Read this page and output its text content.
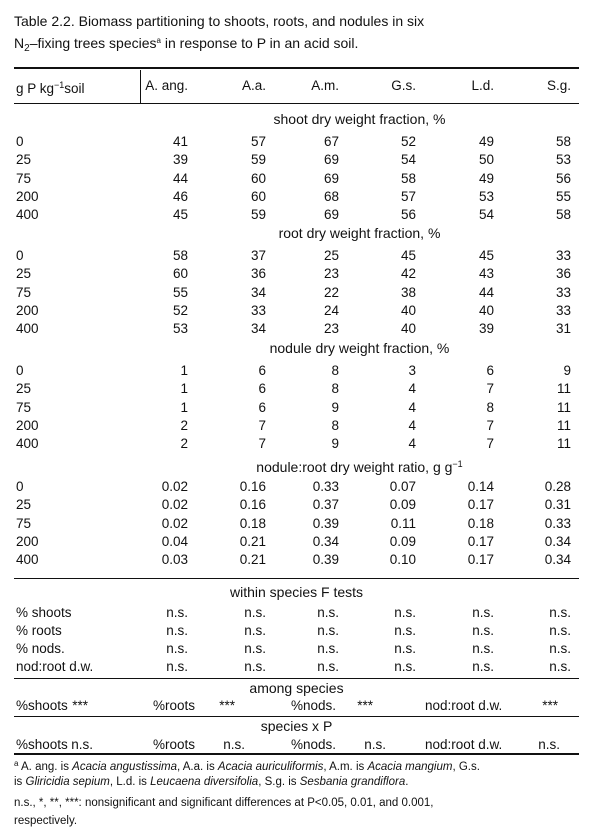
Table 2.2. Biomass partitioning to shoots, roots, and nodules in six
$N_2$–fixing trees species$^a$ in response to P in an acid soil.
g P $kg^{-1}soil$	A. ang.	A.a.	A.m.	G.s.	L.d.	S.g.
shoot dry weight fraction, %
0	41	57	67	52	49	58
25	39	59	69	54	50	53
75	44	60	69	58	49	56
200	46	60	68	57	53	55
400	45	59	69	56	54	58
root dry weight fraction, %
0	58	37	25	45	45	33
25	60	36	23	42	43	36
75	55	34	22	38	44	33
200	52	33	24	40	40	33
400	53	34	23	40	39	31
nodule dry weight fraction, %
0	1	6	8	3	6	9
25	1	6	8	4	7	11
75	1	6	9	4	8	11
200	2	7	8	4	7	11
400	2	7	9	4	7	11
nodule:root dry weight ratio, g $g^{-1}$
0	0.02	0.16	0.33	0.07	0.14	0.28
25	0.02	0.16	0.37	0.09	0.17	0.31
75	0.02	0.18	0.39	0.11	0.18	0.33
200	0.04	0.21	0.34	0.09	0.17	0.34
400	0.03	0.21	0.39	0.10	0.17	0.34
within species F tests
% shoots	n.s.	n.s.	n.s.	n.s.	n.s.	n.s.
% roots	n.s.	n.s.	n.s.	n.s.	n.s.	n.s.
% nods.	n.s.	n.s.	n.s.	n.s.	n.s.	n.s.
nod:root d.w.	n.s.	n.s.	n.s.	n.s.	n.s.	n.s.
among species
%shoots ***	%roots	***	%nods.	***	nod:root d.w.	***
species x P
%shoots n.s.	%roots	n.s.	%nods.	n.s.	nod:root d.w.	n.s.
$^a$ A. ang. is Acacia angustissima, A.a. is Acacia auriculiformis, A.m. is Acacia mangium, G.s.
is Gliricidia sepium, L.d. is Leucaena diversifolia, S.g. is Sesbania grandiflora.
n.s., *, **, ***: nonsignificant and significant differences at P<0.05, 0.01, and 0.001,
respectively.
